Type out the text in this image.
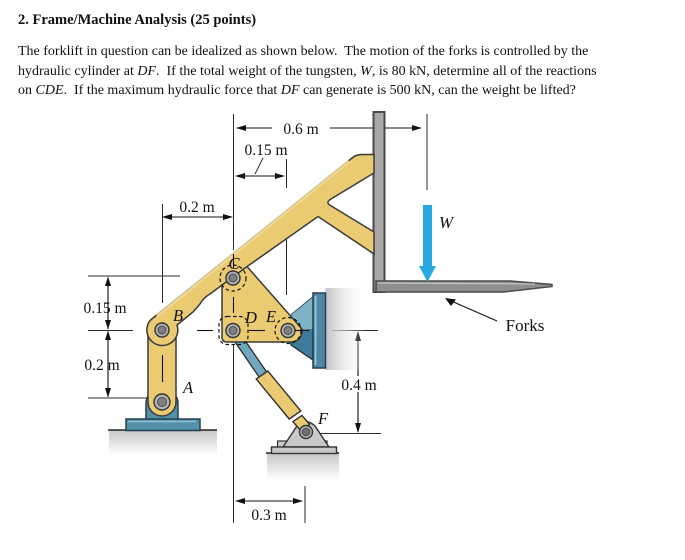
2. Frame/Machine Analysis (25 points)
The forklift in question can be idealized as shown below.  The motion of the forks is controlled by the
hydraulic cylinder at DF.  If the total weight of the tungsten, W, is 80 kN, determine all of the reactions
on CDE.  If the maximum hydraulic force that DF can generate is 500 kN, can the weight be lifted?
0.6 m
0.15 m
0.2 m
0.15 m
0.2 m
0.4 m
0.3 m
A
B
C
D E
F
W
Forks
